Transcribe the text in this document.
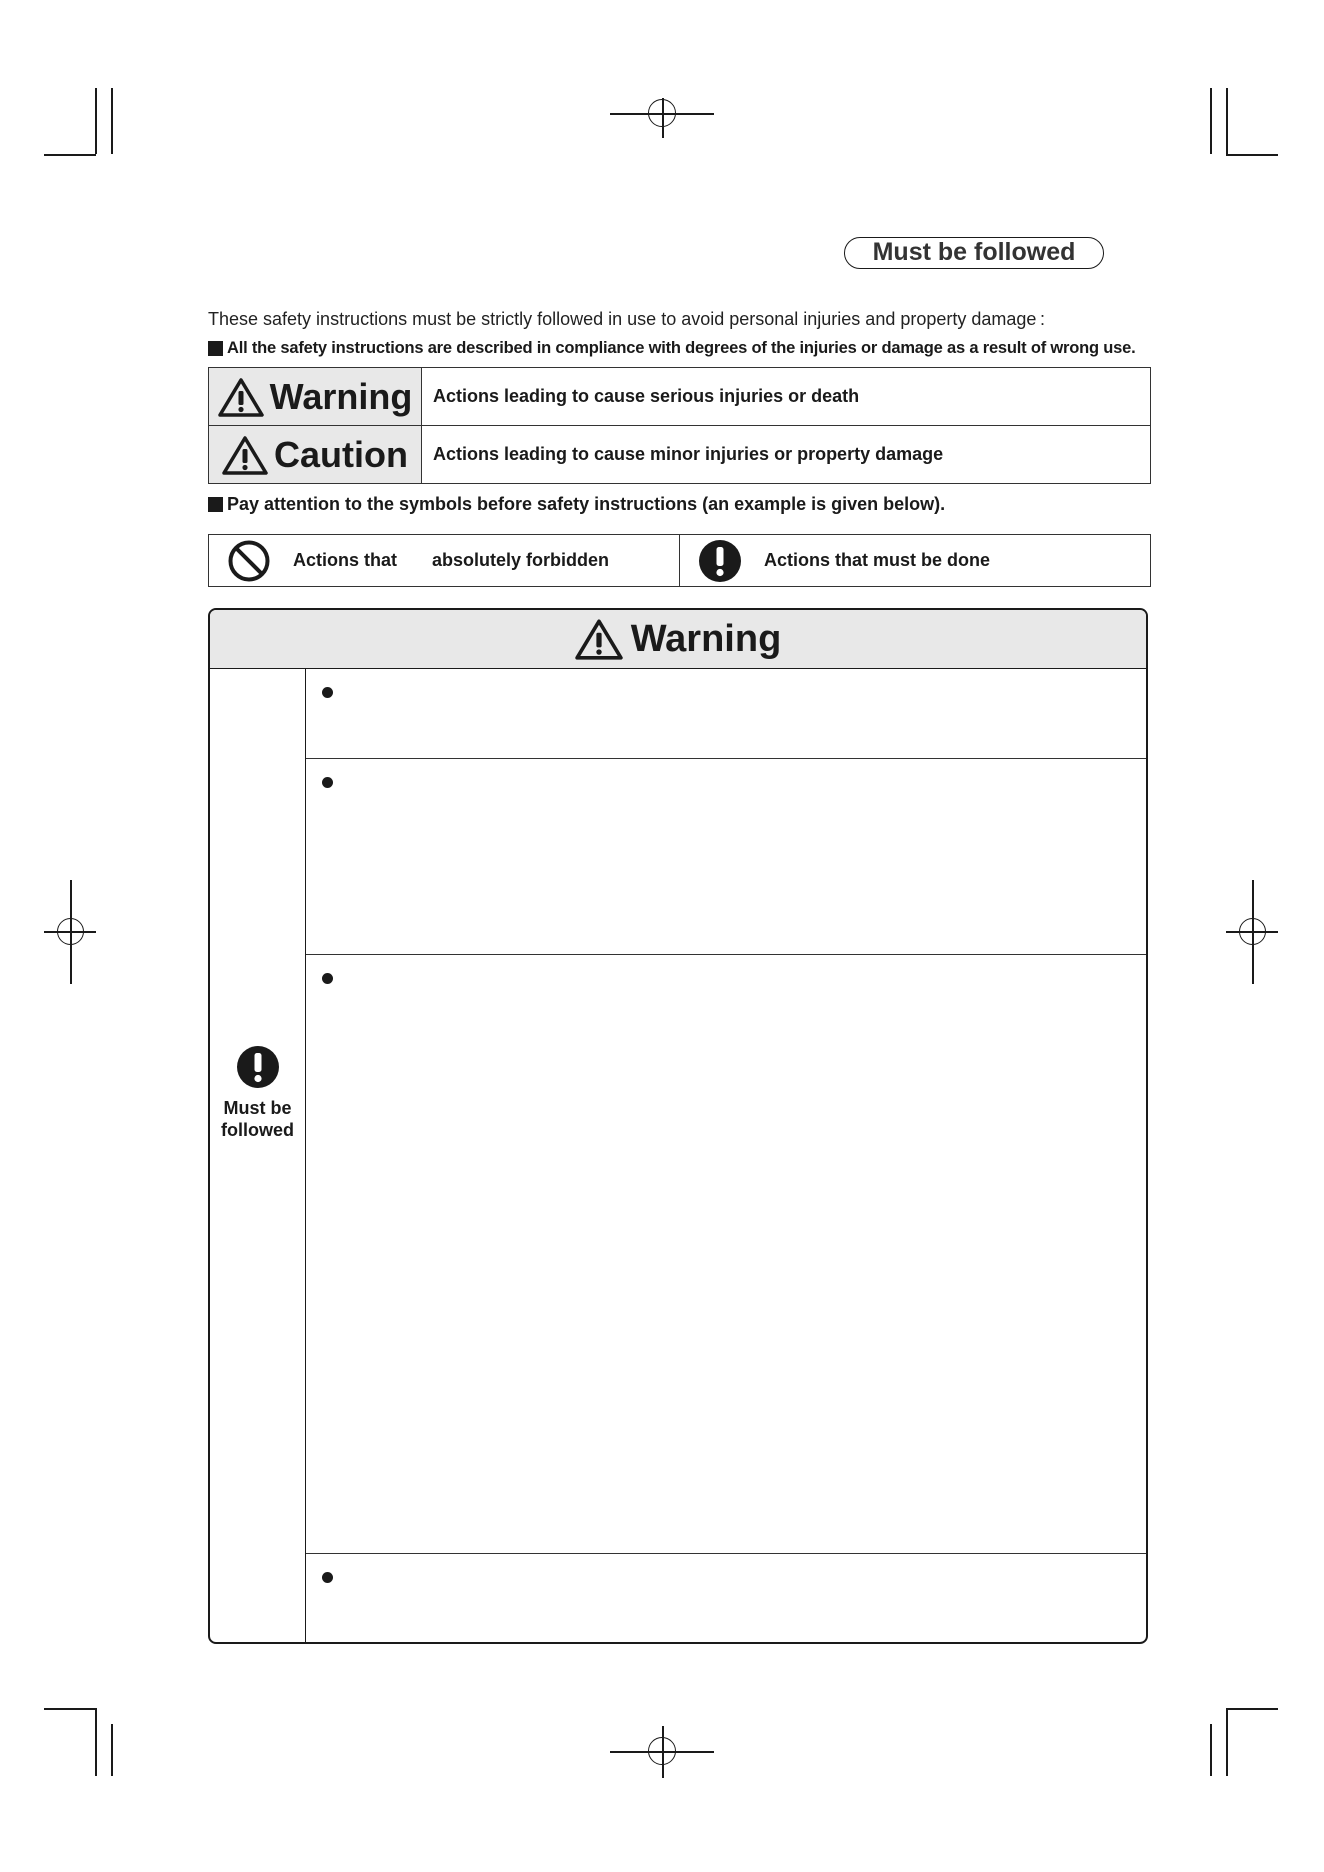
Must be followed
These safety instructions must be strictly followed in use to avoid personal injuries and property damage :
All the safety instructions are described in compliance with degrees of the injuries or damage as a result of wrong use.
Warning Actions leading to cause serious injuries or death
Caution Actions leading to cause minor injuries or property damage
Pay attention to the symbols before safety instructions (an example is given below).
Actions that       absolutely forbidden	Actions that must be done
Warning
Must be
followed
